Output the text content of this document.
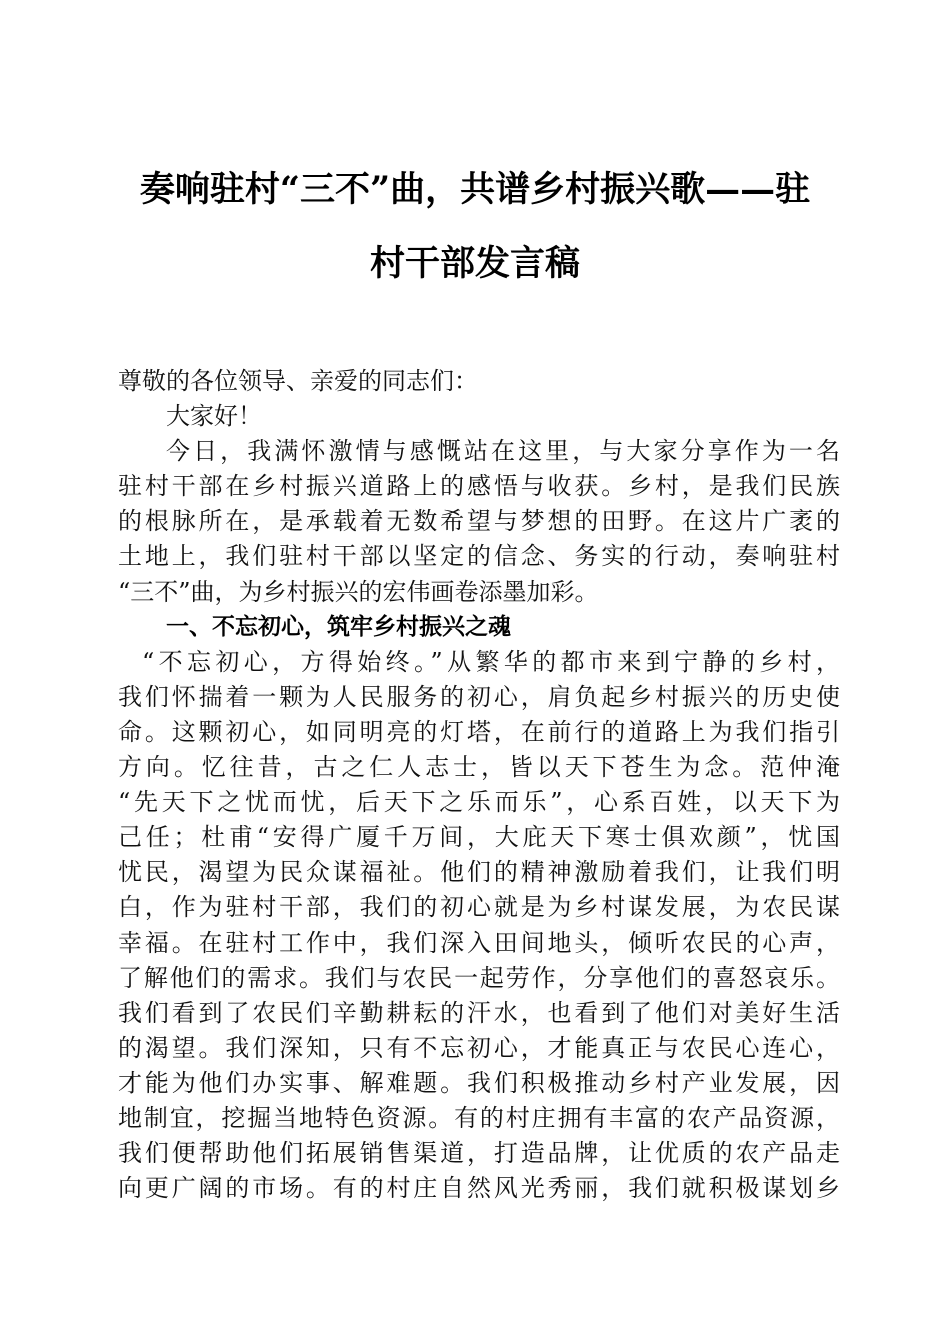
奏响驻村“三不”曲，共谱乡村振兴歌——驻
村干部发言稿
尊敬的各位领导、亲爱的同志们：
大家好！
今日，我满怀激情与感慨站在这里，与大家分享作为一名
驻村干部在乡村振兴道路上的感悟与收获。乡村，是我们民族
的根脉所在，是承载着无数希望与梦想的田野。在这片广袤的
土地上，我们驻村干部以坚定的信念、务实的行动，奏响驻村
“三不”曲，为乡村振兴的宏伟画卷添墨加彩。
一、不忘初心，筑牢乡村振兴之魂
“不忘初心，方得始终。”从繁华的都市来到宁静的乡村，
我们怀揣着一颗为人民服务的初心，肩负起乡村振兴的历史使
命。这颗初心，如同明亮的灯塔，在前行的道路上为我们指引
方向。忆往昔，古之仁人志士，皆以天下苍生为念。范仲淹
“先天下之忧而忧，后天下之乐而乐”，心系百姓，以天下为
己任；杜甫“安得广厦千万间，大庇天下寒士俱欢颜”，忧国
忧民，渴望为民众谋福祉。他们的精神激励着我们，让我们明
白，作为驻村干部，我们的初心就是为乡村谋发展，为农民谋
幸福。在驻村工作中，我们深入田间地头，倾听农民的心声，
了解他们的需求。我们与农民一起劳作，分享他们的喜怒哀乐。
我们看到了农民们辛勤耕耘的汗水，也看到了他们对美好生活
的渴望。我们深知，只有不忘初心，才能真正与农民心连心，
才能为他们办实事、解难题。我们积极推动乡村产业发展，因
地制宜，挖掘当地特色资源。有的村庄拥有丰富的农产品资源，
我们便帮助他们拓展销售渠道，打造品牌，让优质的农产品走
向更广阔的市场。有的村庄自然风光秀丽，我们就积极谋划乡
